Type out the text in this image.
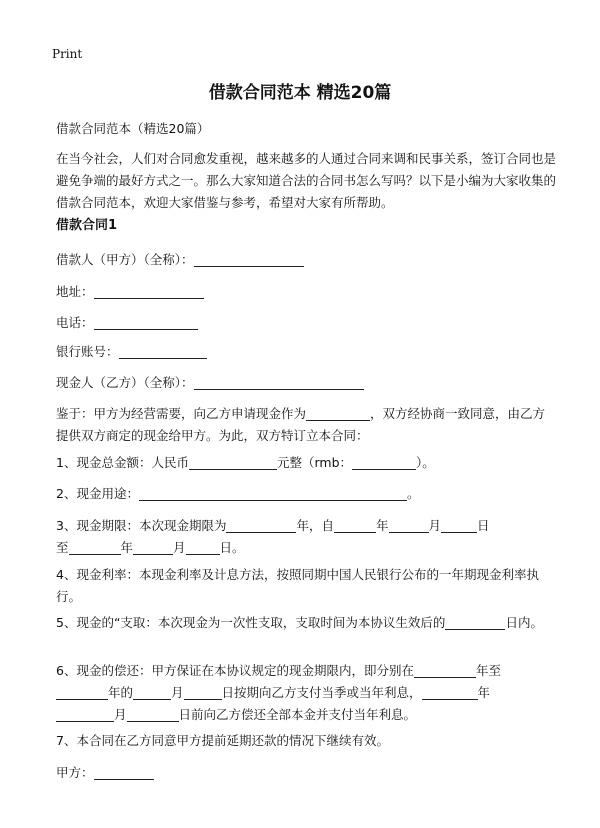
Print
借款合同范本 精选20篇
借款合同范本（精选20篇）
在当今社会，人们对合同愈发重视，越来越多的人通过合同来调和民事关系，签订合同也是避免争端的最好方式之一。那么大家知道合法的合同书怎么写吗？以下是小编为大家收集的借款合同范本，欢迎大家借鉴与参考，希望对大家有所帮助。
借款合同1
借款人（甲方）（全称）：
地址：
电话：
银行账号：
现金人（乙方）（全称）：
鉴于：甲方为经营需要，向乙方申请现金作为	，双方经协商一致同意，由乙方提供双方商定的现金给甲方。为此，双方特订立本合同：
1、现金总金额：人民币	元整（rmb：	）。
2、现金用途：	。
3、现金期限：本次现金期限为	年，自	年	月	日
至	年	月	日。
4、现金利率：本现金利率及计息方法，按照同期中国人民银行公布的一年期现金利率执行。
5、现金的“支取：本次现金为一次性支取，支取时间为本协议生效后的	日内。
6、现金的偿还：甲方保证在本协议规定的现金期限内，即分别在	年至
年的	月	日按期向乙方支付当季或当年利息，	年
月	日前向乙方偿还全部本金并支付当年利息。
7、本合同在乙方同意甲方提前延期还款的情况下继续有效。
甲方：
